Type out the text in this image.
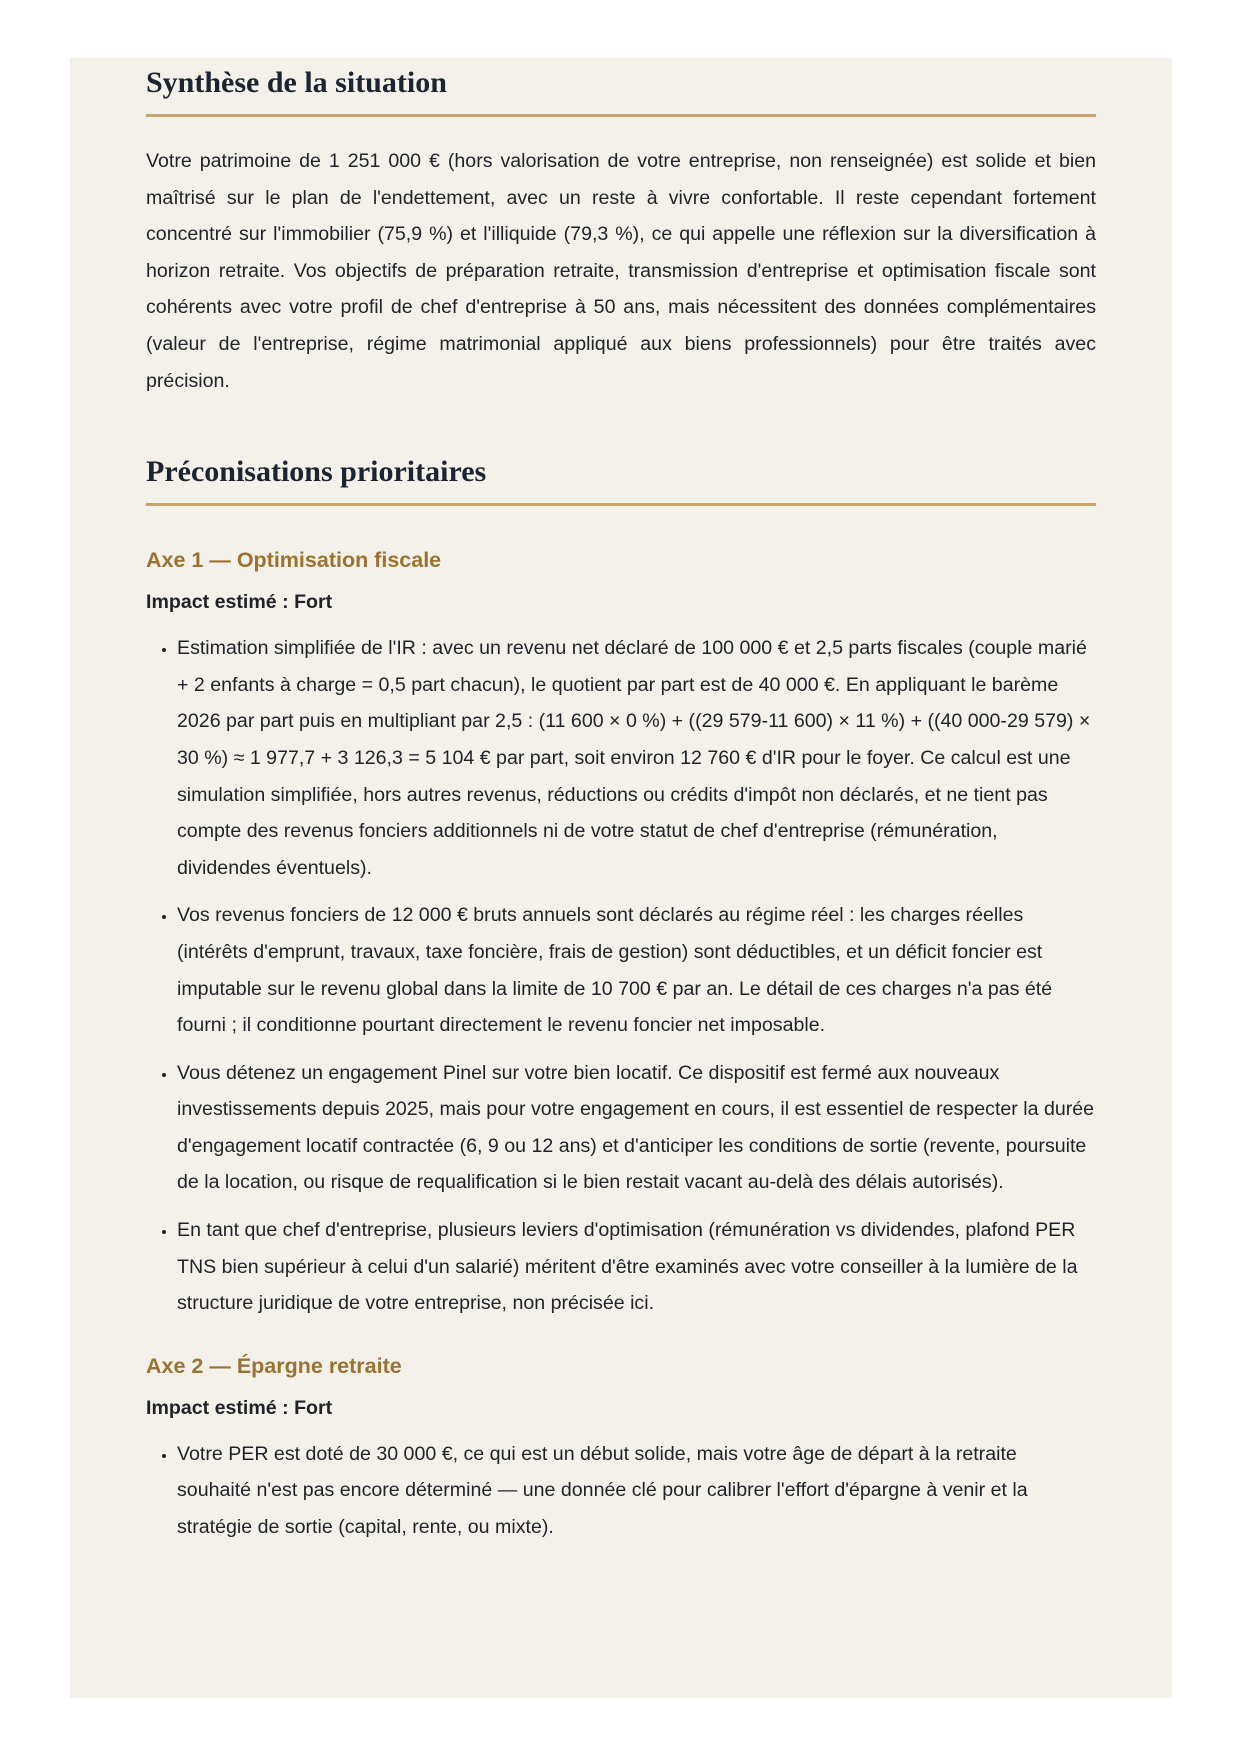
Synthèse de la situation

Votre patrimoine de 1 251 000 € (hors valorisation de votre entreprise, non renseignée) est solide et bien maîtrisé sur le plan de l'endettement, avec un reste à vivre confortable. Il reste cependant fortement concentré sur l'immobilier (75,9 %) et l'illiquide (79,3 %), ce qui appelle une réflexion sur la diversification à horizon retraite. Vos objectifs de préparation retraite, transmission d'entreprise et optimisation fiscale sont cohérents avec votre profil de chef d'entreprise à 50 ans, mais nécessitent des données complémentaires (valeur de l'entreprise, régime matrimonial appliqué aux biens professionnels) pour être traités avec précision.

Préconisations prioritaires
Axe 1 — Optimisation fiscale

Impact estimé : Fort

• Estimation simplifiée de l'IR : avec un revenu net déclaré de 100 000 € et 2,5 parts fiscales (couple marié + 2 enfants à charge = 0,5 part chacun), le quotient par part est de 40 000 €. En appliquant le barème 2026 par part puis en multipliant par 2,5 : (11 600 × 0 %) + ((29 579-11 600) × 11 %) + ((40 000-29 579) × 30 %) ≈ 1 977,7 + 3 126,3 = 5 104 € par part, soit environ 12 760 € d'IR pour le foyer. Ce calcul est une simulation simplifiée, hors autres revenus, réductions ou crédits d'impôt non déclarés, et ne tient pas compte des revenus fonciers additionnels ni de votre statut de chef d'entreprise (rémunération, dividendes éventuels).
• Vos revenus fonciers de 12 000 € bruts annuels sont déclarés au régime réel : les charges réelles (intérêts d'emprunt, travaux, taxe foncière, frais de gestion) sont déductibles, et un déficit foncier est imputable sur le revenu global dans la limite de 10 700 € par an. Le détail de ces charges n'a pas été fourni ; il conditionne pourtant directement le revenu foncier net imposable.
• Vous détenez un engagement Pinel sur votre bien locatif. Ce dispositif est fermé aux nouveaux investissements depuis 2025, mais pour votre engagement en cours, il est essentiel de respecter la durée d'engagement locatif contractée (6, 9 ou 12 ans) et d'anticiper les conditions de sortie (revente, poursuite de la location, ou risque de requalification si le bien restait vacant au-delà des délais autorisés).
• En tant que chef d'entreprise, plusieurs leviers d'optimisation (rémunération vs dividendes, plafond PER TNS bien supérieur à celui d'un salarié) méritent d'être examinés avec votre conseiller à la lumière de la structure juridique de votre entreprise, non précisée ici.
Axe 2 — Épargne retraite

Impact estimé : Fort

• Votre PER est doté de 30 000 €, ce qui est un début solide, mais votre âge de départ à la retraite souhaité n'est pas encore déterminé — une donnée clé pour calibrer l'effort d'épargne à venir et la stratégie de sortie (capital, rente, ou mixte).
